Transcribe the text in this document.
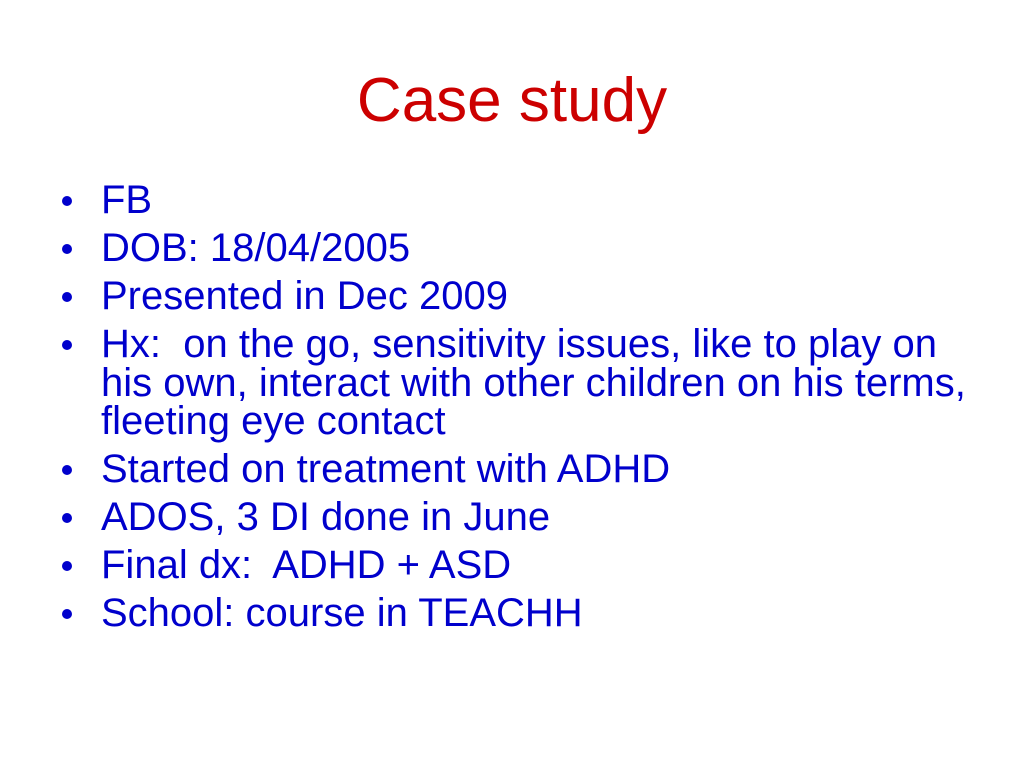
Case study
FB
DOB: 18/04/2005
Presented in Dec 2009
Hx:  on the go, sensitivity issues, like to play on his own, interact with other children on his terms, fleeting eye contact
Started on treatment with ADHD
ADOS, 3 DI done in June
Final dx:  ADHD + ASD
School: course in TEACHH
